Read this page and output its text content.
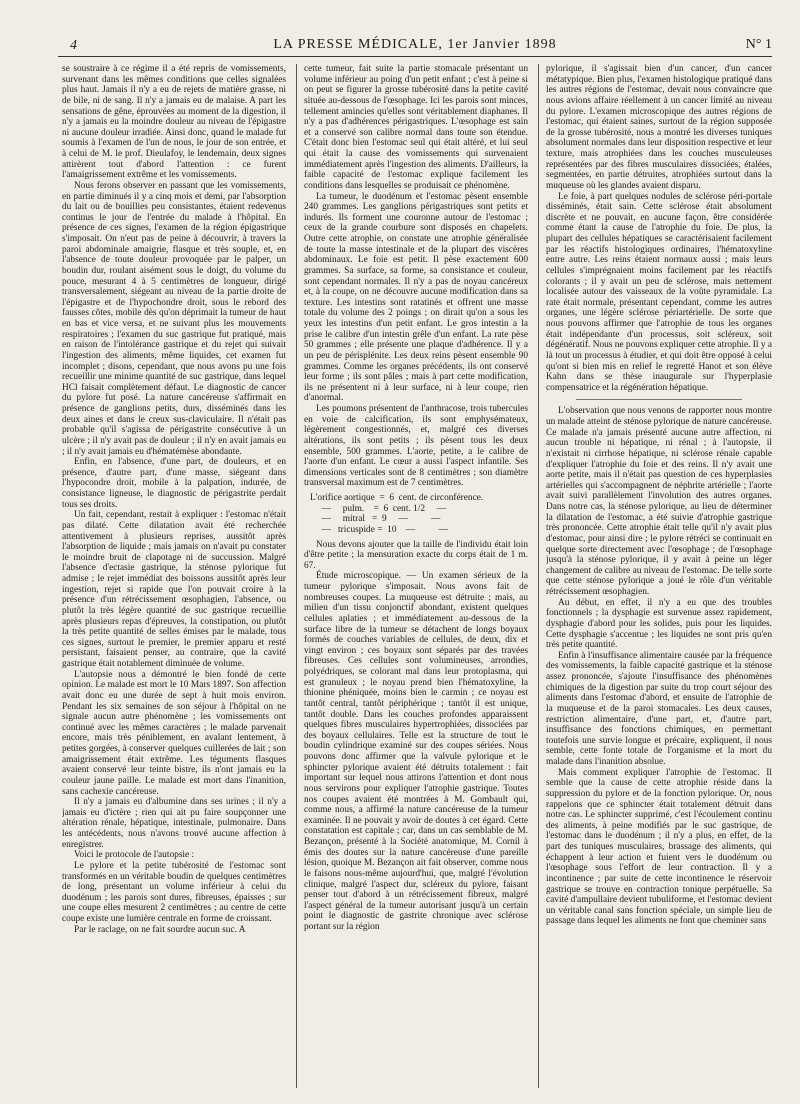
4	LA PRESSE MÉDICALE, 1er Janvier 1898	N° 1

se soustraire à ce régime il a été repris de vomissements, survenant dans les mêmes conditions que celles signalées plus haut. Jamais il n'y a eu de rejets de matière grasse, ni de bile, ni de sang. Il n'y a jamais eu de malaise. A part les sensations de gêne, éprouvées au moment de la digestion, il n'y a jamais eu la moindre douleur au niveau de l'épigastre ni aucune douleur irradiée. Ainsi donc, quand le malade fut soumis à l'examen de l'un de nous, le jour de son entrée, et à celui de M. le prof. Dieulafoy, le lendemain, deux signes attirèrent tout d'abord l'attention : ce furent l'amaigrissement extrême et les vomissements.

Nous ferons observer en passant que les vomissements, en partie diminués il y a cinq mois et demi, par l'absorption du lait ou de bouillies peu consistantes, étaient redevenus continus le jour de l'entrée du malade à l'hôpital. En présence de ces signes, l'examen de la région épigastrique s'imposait. On n'eut pas de peine à découvrir, à travers la paroi abdominale amaigrie, flasque et très souple, et, en l'absence de toute douleur provoquée par le palper, un boudin dur, roulant aisément sous le doigt, du volume du pouce, mesurant 4 à 5 centimètres de longueur, dirigé transversalement, siégeant au niveau de la partie droite de l'épigastre et de l'hypochondre droit, sous le rebord des fausses côtes, mobile dès qu'on déprimait la tumeur de haut en bas et vice versa, et ne suivant plus les mouvements respiratoires ; l'examen du suc gastrique fut pratiqué, mais en raison de l'intolérance gastrique et du rejet qui suivait l'ingestion des aliments, même liquides, cet examen fut incomplet ; disons, cependant, que nous avons pu une fois recueillir une minime quantité de suc gastrique, dans lequel HCl faisait complètement défaut. Le diagnostic de cancer du pylore fut posé. La nature cancéreuse s'affirmait en présence de ganglions petits, durs, disséminés dans les deux aines et dans le creux sus-claviculaire. Il n'était pas probable qu'il s'agissa de périgastrite consécutive à un ulcère ; il n'y avait pas de douleur ; il n'y en avait jamais eu ; il n'y avait jamais eu d'hématémèse abondante.

Enfin, en l'absence, d'une part, de douleurs, et en présence, d'autre part, d'une masse, siégeant dans l'hypocondre droit, mobile à la palpation, indurée, de consistance ligneuse, le diagnostic de périgastrite perdait tous ses droits.

Un fait, cependant, restait à expliquer : l'estomac n'était pas dilaté. Cette dilatation avait été recherchée attentivement à plusieurs reprises, aussitôt après l'absorption de liquide ; mais jamais on n'avait pu constater le moindre bruit de clapotage ni de succussion. Malgré l'absence d'ectasie gastrique, la sténose pylorique fut admise ; le rejet immédiat des boissons aussitôt après leur ingestion, rejet si rapide que l'on pouvait croire à la présence d'un rétrécissement œsophagien, l'absence, ou plutôt la très légère quantité de suc gastrique recueillie après plusieurs repas d'épreuves, la constipation, ou plutôt la très petite quantité de selles émises par le malade, tous ces signes, surtout le premier, le premier apparu et resté persistant, faisaient penser, au contraire, que la cavité gastrique était notablement diminuée de volume.

L'autopsie nous a démontré le bien fondé de cette opinion. Le malade est mort le 10 Mars 1897. Son affection avait donc eu une durée de sept à huit mois environ. Pendant les six semaines de son séjour à l'hôpital on ne signale aucun autre phénomène ; les vomissements ont continué avec les mêmes caractères ; le malade parvenait encore, mais très péniblement, en avalant lentement, à petites gorgées, à conserver quelques cuillerées de lait ; son amaigrissement était extrême. Les téguments flasques avaient conservé leur teinte bistre, ils n'ont jamais eu la couleur jaune paille. Le malade est mort dans l'inanition, sans cachexie cancéreuse.

Il n'y a jamais eu d'albumine dans ses urines ; il n'y a jamais eu d'ictère ; rien qui ait pu faire soupçonner une altération rénale, hépatique, intestinale, pulmonaire. Dans les antécédents, nous n'avons trouvé aucune affection à enregistrer.

Voici le protocole de l'autopsie :

Le pylore et la petite tubérosité de l'estomac sont transformés en un véritable boudin de quelques centimètres de long, présentant un volume inférieur à celui du duodénum ; les parois sont dures, fibreuses, épaisses ; sur une coupe elles mesurent 2 centimètres ; au centre de cette coupe existe une lumière centrale en forme de croissant.

Par le raclage, on ne fait sourdre aucun suc. A

cette tumeur, fait suite la partie stomacale présentant un volume inférieur au poing d'un petit enfant ; c'est à peine si on peut se figurer la grosse tubérosité dans la petite cavité située au-dessous de l'œsophage. Ici les parois sont minces, tellement amincies qu'elles sont véritablement diaphanes. Il n'y a pas d'adhérences périgastriques. L'œsophage est sain et a conservé son calibre normal dans toute son étendue. C'était donc bien l'estomac seul qui était altéré, et lui seul qui était la cause des vomissements qui survenaient immédiatement après l'ingestion des aliments. D'ailleurs, la faible capacité de l'estomac explique facilement les conditions dans lesquelles se produisait ce phénomène.

La tumeur, le duodénum et l'estomac pèsent ensemble 240 grammes. Les ganglions périgastriques sont petits et indurés. Ils forment une couronne autour de l'estomac ; ceux de la grande courbure sont disposés en chapelets. Outre cette atrophie, on constate une atrophie généralisée de toute la masse intestinale et de la plupart des viscères abdominaux. Le foie est petit. Il pèse exactement 600 grammes. Sa surface, sa forme, sa consistance et couleur, sont cependant normales. Il n'y a pas de noyau cancéreux et, à la coupe, on ne découvre aucune modification dans sa texture. Les intestins sont ratatinés et offrent une masse totale du volume des 2 poings ; on dirait qu'on a sous les yeux les intestins d'un petit enfant. Le gros intestin a la prise le calibre d'un intestin grêle d'un enfant. La rate pèse 50 grammes ; elle présente une plaque d'adhérence. Il y a un peu de périsplénite. Les deux reins pèsent ensemble 90 grammes. Comme les organes précédents, ils ont conservé leur forme ; ils sont pâles ; mais à part cette modification, ils ne présentent ni à leur surface, ni à leur coupe, rien d'anormal.

Les poumons présentent de l'anthracose, trois tubercules en voie de calcification, ils sont emphysémateux, légèrement congestionnés, et, malgré ces diverses altérations, ils sont petits ; ils pèsent tous les deux ensemble, 500 grammes. L'aorte, petite, a le calibre de l'aorte d'un enfant. Le cœur a aussi l'aspect infantile. Ses dimensions verticales sont de 8 centimètres ; son diamètre transversal maximum est de 7 centimètres.

L'orifice aortique  =  6  cent. de circonférence.
—     pulm.    =  6  cent. 1/2     —
—     mitral   =  9     —          —
—   tricuspide =  10    —          —

Nous devons ajouter que la taille de l'individu était loin d'être petite ; la mensuration exacte du corps était de 1 m. 67.

Étude microscopique. — Un examen sérieux de la tumeur pylorique s'imposait. Nous avons fait de nombreuses coupes. La muqueuse est détruite ; mais, au milieu d'un tissu conjonctif abondant, existent quelques cellules aplaties ; et immédiatement au-dessous de la surface libre de la tumeur se détachent de longs boyaux formés de couches variables de cellules, de deux, dix et vingt environ ; ces boyaux sont séparés par des travées fibreuses. Ces cellules sont volumineuses, arrondies, polyédriques, se colorant mal dans leur protoplasma, qui est granuleux ; le noyau prend bien l'hématoxyline, la thionine phéniquée, moins bien le carmin ; ce noyau est tantôt central, tantôt périphérique ; tantôt il est unique, tantôt double. Dans les couches profondes apparaissent quelques fibres musculaires hypertrophiées, dissociées par des boyaux cellulaires. Telle est la structure de tout le boudin cylindrique examiné sur des coupes sériées. Nous pouvons donc affirmer que la valvule pylorique et le sphincter pylorique avaient été détruits totalement : fait important sur lequel nous attirons l'attention et dont nous nous servirons pour expliquer l'atrophie gastrique. Toutes nos coupes avaient été montrées à M. Gombault qui, comme nous, a affirmé la nature cancéreuse de la tumeur examinée. Il ne pouvait y avoir de doutes à cet égard. Cette constatation est capitale ; car, dans un cas semblable de M. Bezançon, présenté à la Société anatomique, M. Cornil à émis des doutes sur la nature cancéreuse d'une pareille lésion, quoique M. Bezançon ait fait observer, comme nous le faisons nous-même aujourd'hui, que, malgré l'évolution clinique, malgré l'aspect dur, scléreux du pylore, faisant penser tout d'abord à un rétrécissement fibreux, malgré l'aspect général de la tumeur autorisant jusqu'à un certain point le diagnostic de gastrite chronique avec sclérose portant sur la région

pylorique, il s'agissait bien d'un cancer, d'un cancer métatypique. Bien plus, l'examen histologique pratiqué dans les autres régions de l'estomac, devait nous convaincre que nous avions affaire réellement à un cancer limité au niveau du pylore. L'examen microscopique des autres régions de l'estomac, qui étaient saines, surtout de la région supposée de la grosse tubérosité, nous a montré les diverses tuniques absolument normales dans leur disposition respective et leur texture, mais atrophiées dans les couches musculeuses représentées par des fibres musculaires dissociées, étalées, segmentées, en partie détruites, atrophiées surtout dans la muqueuse où les glandes avaient disparu.

Le foie, à part quelques nodules de sclérose péri-portale disséminés, était sain. Cette sclérose était absolument discrète et ne pouvait, en aucune façon, être considérée comme étant la cause de l'atrophie du foie. De plus, la plupart des cellules hépatiques se caractérisaient facilement par les réactifs histologiques ordinaires, l'hématoxyline entre autre. Les reins étaient normaux aussi ; mais leurs cellules s'imprégnaient moins facilement par les réactifs colorants ; il y avait un peu de sclérose, mais nettement localisée autour des vaisseaux de la voûte pyramidale. La rate était normale, présentant cependant, comme les autres organes, une légère sclérose périartérielle. De sorte que nous pouvons affirmer que l'atrophie de tous les organes était indépendante d'un processus, soit scléreux, soit dégénératif. Nous ne pouvons expliquer cette atrophie. Il y a là tout un processus à étudier, et qui doit être opposé à celui qu'ont si bien mis en relief le regretté Hanot et son élève Kahn dans se thèse inaugurale sur l'hyperplasie compensatrice et la régénération hépatique.

L'observation que nous venons de rapporter nous montre un malade atteint de sténose pylorique de nature cancéreuse. Ce malade n'a jamais présenté aucune autre affection, ni aucun trouble ni hépatique, ni rénal ; à l'autopsie, il n'existait ni cirrhose hépatique, ni sclérose rénale capable d'expliquer l'atrophie du foie et des reins. Il n'y avait une aorte petite, mais il n'était pas question de ces hyperplasies artérielles qui s'accompagnent de néphrite artérielle ; l'aorte avait suivi parallèlement l'involution des autres organes. Dans notre cas, la sténose pylorique, au lieu de déterminer la dilatation de l'estomac, a été suivie d'atrophie gastrique très prononcée. Cette atrophie était telle qu'il n'y avait plus d'estomac, pour ainsi dire ; le pylore rétréci se continuait en quelque sorte directement avec l'œsophage ; de l'œsophage jusqu'à la sténose pylorique, il y avait à peine un léger changement de calibre au niveau de l'estomac. De telle sorte que cette sténose pylorique a joué le rôle d'un véritable rétrécissement œsophagien.

Au début, en effet, il n'y a eu que des troubles fonctionnels ; la dysphagie est survenue assez rapidement, dysphagie d'abord pour les solides, puis pour les liquides. Cette dysphagie s'accentue ; les liquides ne sont pris qu'en très petite quantité.

Enfin à l'insuffisance alimentaire causée par la fréquence des vomissements, la faible capacité gastrique et la sténose assez prononcée, s'ajoute l'insuffisance des phénomènes chimiques de la digestion par suite du trop court séjour des aliments dans l'estomac d'abord, et ensuite de l'atrophie de la muqueuse et de la paroi stomacales. Les deux causes, restriction alimentaire, d'une part, et, d'autre part, insuffisance des fonctions chimiques, en permettant toutefois une survie longue et précaire, expliquent, il nous semble, cette fonte totale de l'organisme et la mort du malade dans l'inanition absolue.

Mais comment expliquer l'atrophie de l'estomac. Il semble que la cause de cette atrophie réside dans la suppression du pylore et de la fonction pylorique. Or, nous rappelons que ce sphincter était totalement détruit dans notre cas. Le sphincter supprimé, c'est l'écoulement continu des aliments, à peine modifiés par le suc gastrique, de l'estomac dans le duodénum ; il n'y a plus, en effet, de la part des tuniques musculaires, brassage des aliments, qui échappent à leur action et fuient vers le duodénum ou l'œsophage sous l'effort de leur contraction. Il y a incontinence ; par suite de cette incontinence le réservoir gastrique se trouve en contraction tonique perpétuelle. Sa cavité d'ampullaire devient tubuliforme, et l'estomac devient un véritable canal sans fonction spéciale, un simple lieu de passage dans lequel les aliments ne font que cheminer sans
